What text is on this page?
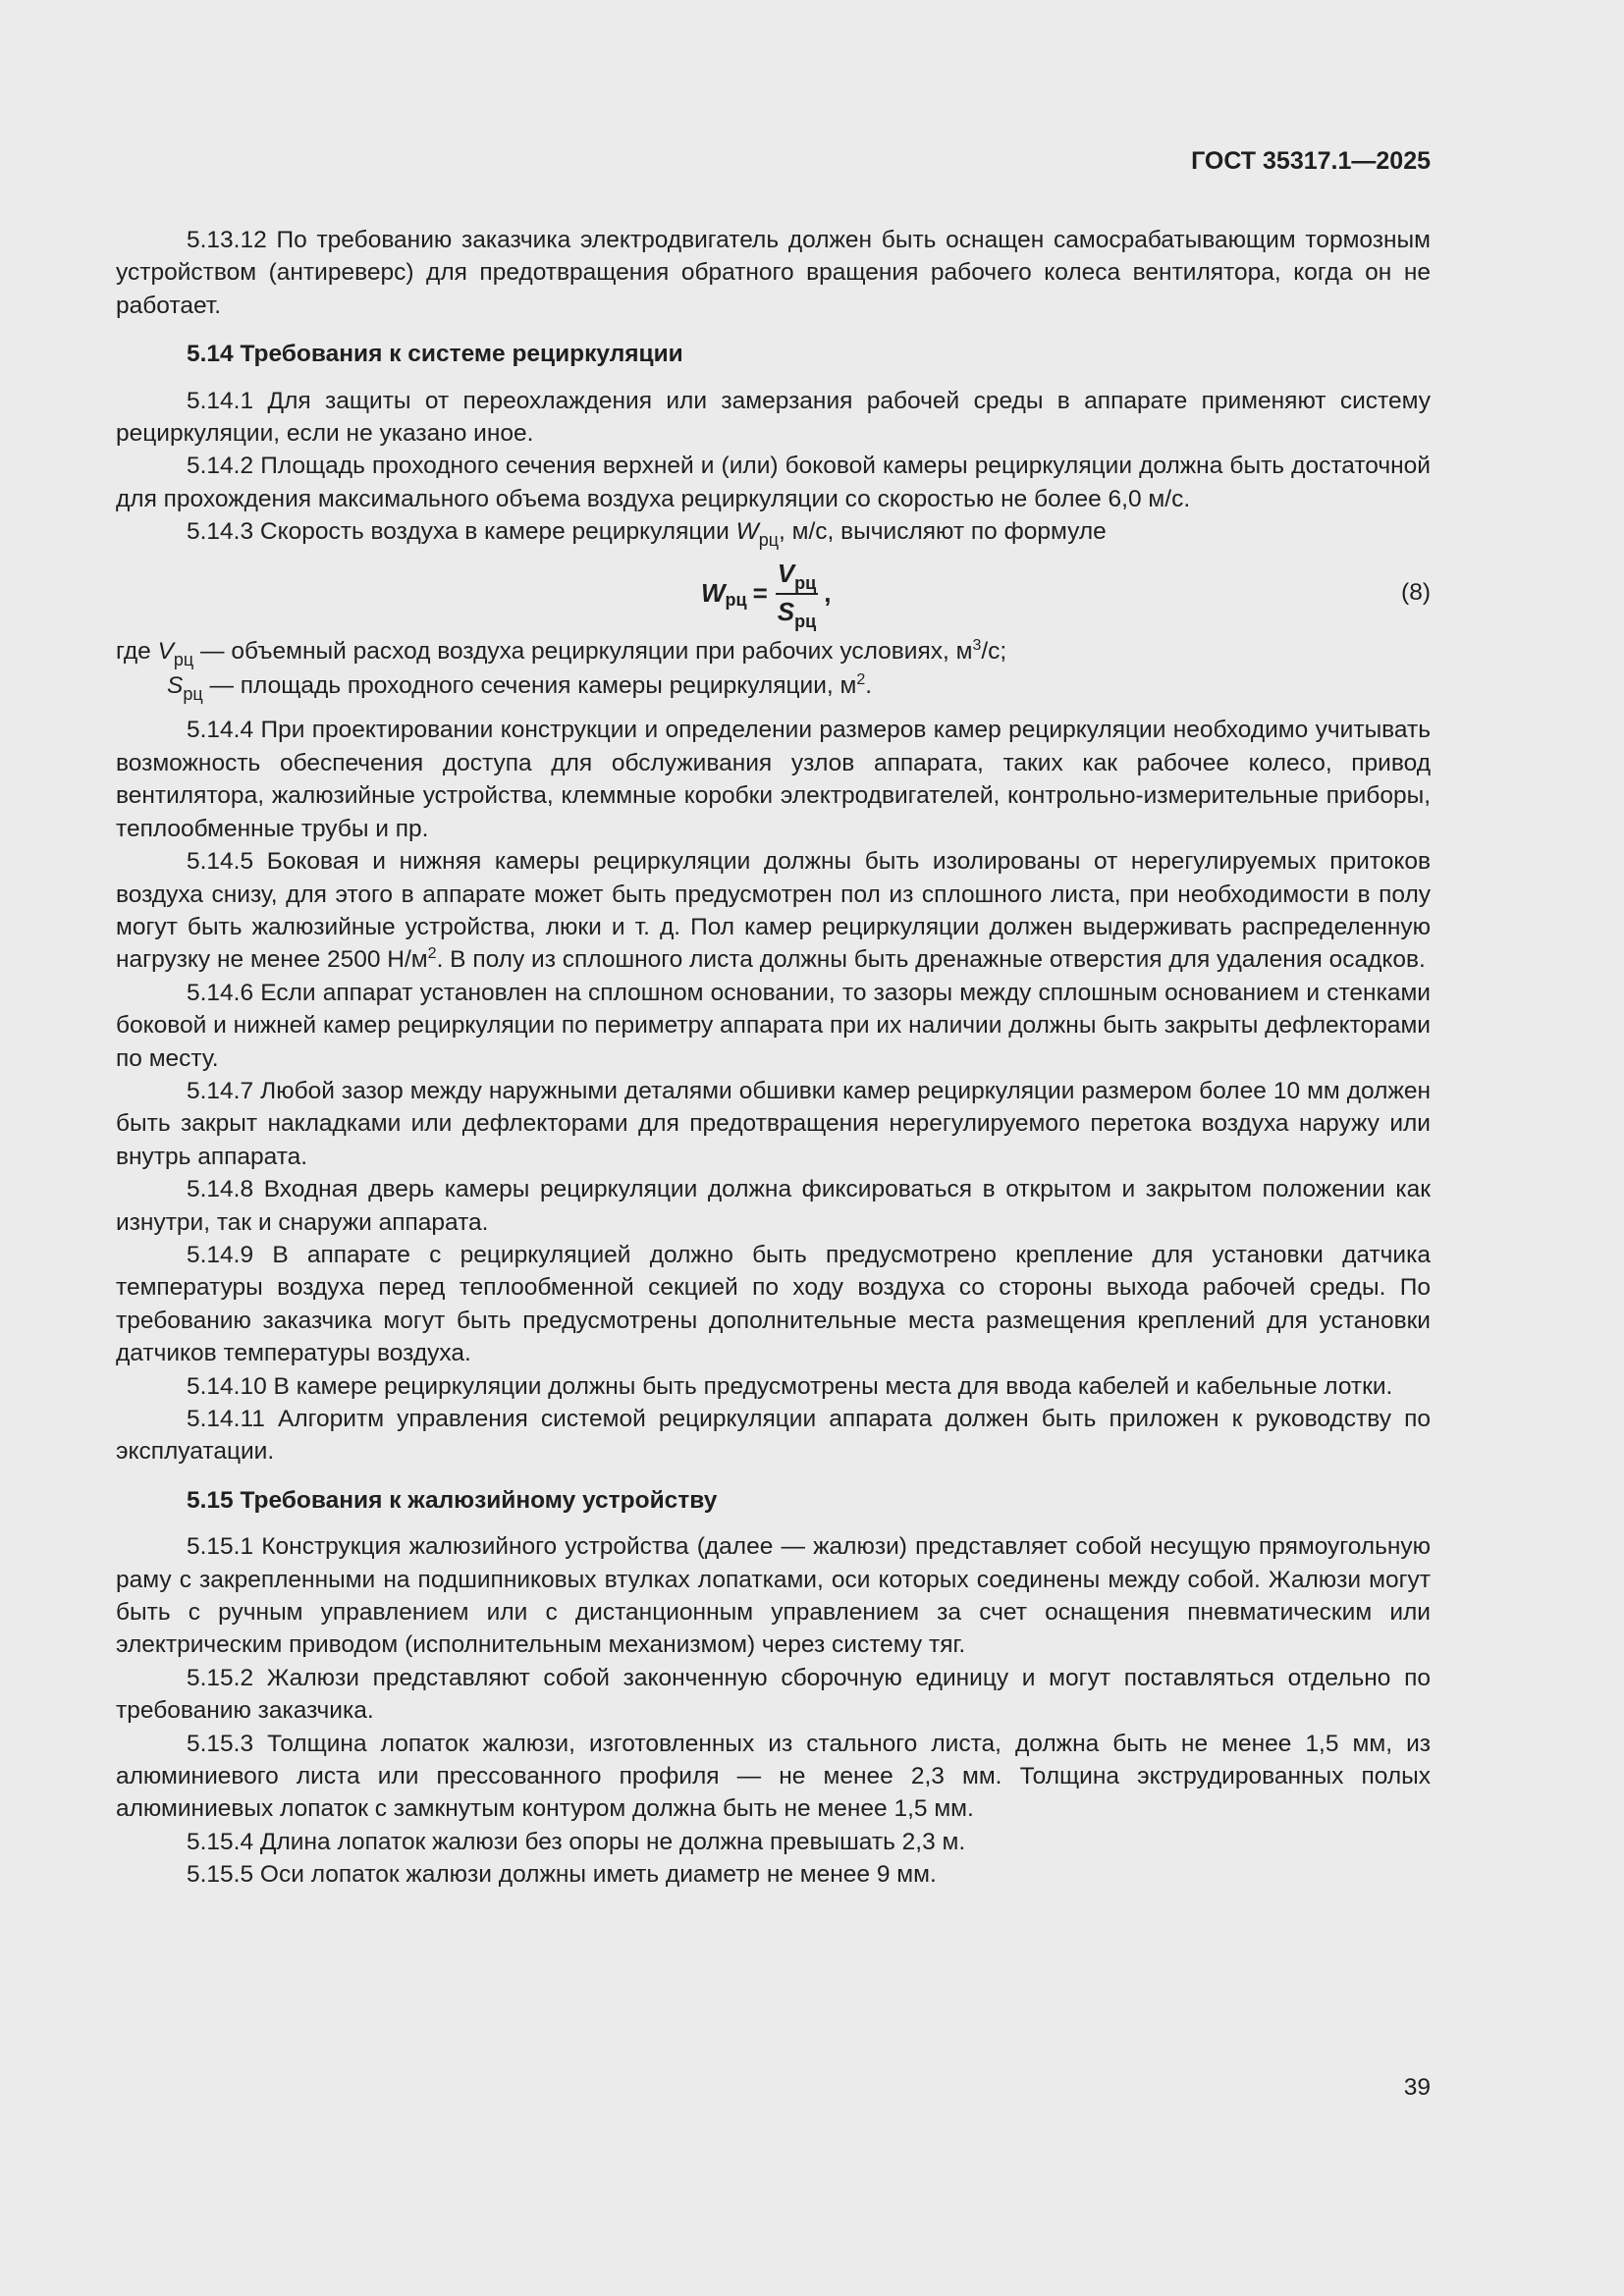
ГОСТ 35317.1—2025

5.13.12 По требованию заказчика электродвигатель должен быть оснащен самосрабатывающим тормозным устройством (антиреверс) для предотвращения обратного вращения рабочего колеса вентилятора, когда он не работает.

5.14 Требования к системе рециркуляции

5.14.1 Для защиты от переохлаждения или замерзания рабочей среды в аппарате применяют систему рециркуляции, если не указано иное.

5.14.2 Площадь проходного сечения верхней и (или) боковой камеры рециркуляции должна быть достаточной для прохождения максимального объема воздуха рециркуляции со скоростью не более 6,0 м/с.

5.14.3 Скорость воздуха в камере рециркуляции $W_{рц}$, м/с, вычисляют по формуле

W рц = $\frac{V_{рц}}{S_{рц}}$ ,	(8)
где $V_{рц}$ — объемный расход воздуха рециркуляции при рабочих условиях, $м^3/с$;
$S_{рц}$ — площадь проходного сечения камеры рециркуляции, $м^2$.

5.14.4 При проектировании конструкции и определении размеров камер рециркуляции необходимо учитывать возможность обеспечения доступа для обслуживания узлов аппарата, таких как рабочее колесо, привод вентилятора, жалюзийные устройства, клеммные коробки электродвигателей, контрольно-измерительные приборы, теплообменные трубы и пр.

5.14.5 Боковая и нижняя камеры рециркуляции должны быть изолированы от нерегулируемых притоков воздуха снизу, для этого в аппарате может быть предусмотрен пол из сплошного листа, при необходимости в полу могут быть жалюзийные устройства, люки и т. д. Пол камер рециркуляции должен выдерживать распределенную нагрузку не менее 2500 $Н/м^2$. В полу из сплошного листа должны быть дренажные отверстия для удаления осадков.

5.14.6 Если аппарат установлен на сплошном основании, то зазоры между сплошным основанием и стенками боковой и нижней камер рециркуляции по периметру аппарата при их наличии должны быть закрыты дефлекторами по месту.

5.14.7 Любой зазор между наружными деталями обшивки камер рециркуляции размером более 10 мм должен быть закрыт накладками или дефлекторами для предотвращения нерегулируемого перетока воздуха наружу или внутрь аппарата.

5.14.8 Входная дверь камеры рециркуляции должна фиксироваться в открытом и закрытом положении как изнутри, так и снаружи аппарата.

5.14.9 В аппарате с рециркуляцией должно быть предусмотрено крепление для установки датчика температуры воздуха перед теплообменной секцией по ходу воздуха со стороны выхода рабочей среды. По требованию заказчика могут быть предусмотрены дополнительные места размещения креплений для установки датчиков температуры воздуха.

5.14.10 В камере рециркуляции должны быть предусмотрены места для ввода кабелей и кабельные лотки.

5.14.11 Алгоритм управления системой рециркуляции аппарата должен быть приложен к руководству по эксплуатации.

5.15 Требования к жалюзийному устройству

5.15.1 Конструкция жалюзийного устройства (далее — жалюзи) представляет собой несущую прямоугольную раму с закрепленными на подшипниковых втулках лопатками, оси которых соединены между собой. Жалюзи могут быть с ручным управлением или с дистанционным управлением за счет оснащения пневматическим или электрическим приводом (исполнительным механизмом) через систему тяг.

5.15.2 Жалюзи представляют собой законченную сборочную единицу и могут поставляться отдельно по требованию заказчика.

5.15.3 Толщина лопаток жалюзи, изготовленных из стального листа, должна быть не менее 1,5 мм, из алюминиевого листа или прессованного профиля — не менее 2,3 мм. Толщина экструдированных полых алюминиевых лопаток с замкнутым контуром должна быть не менее 1,5 мм.

5.15.4 Длина лопаток жалюзи без опоры не должна превышать 2,3 м.

5.15.5 Оси лопаток жалюзи должны иметь диаметр не менее 9 мм.

39
